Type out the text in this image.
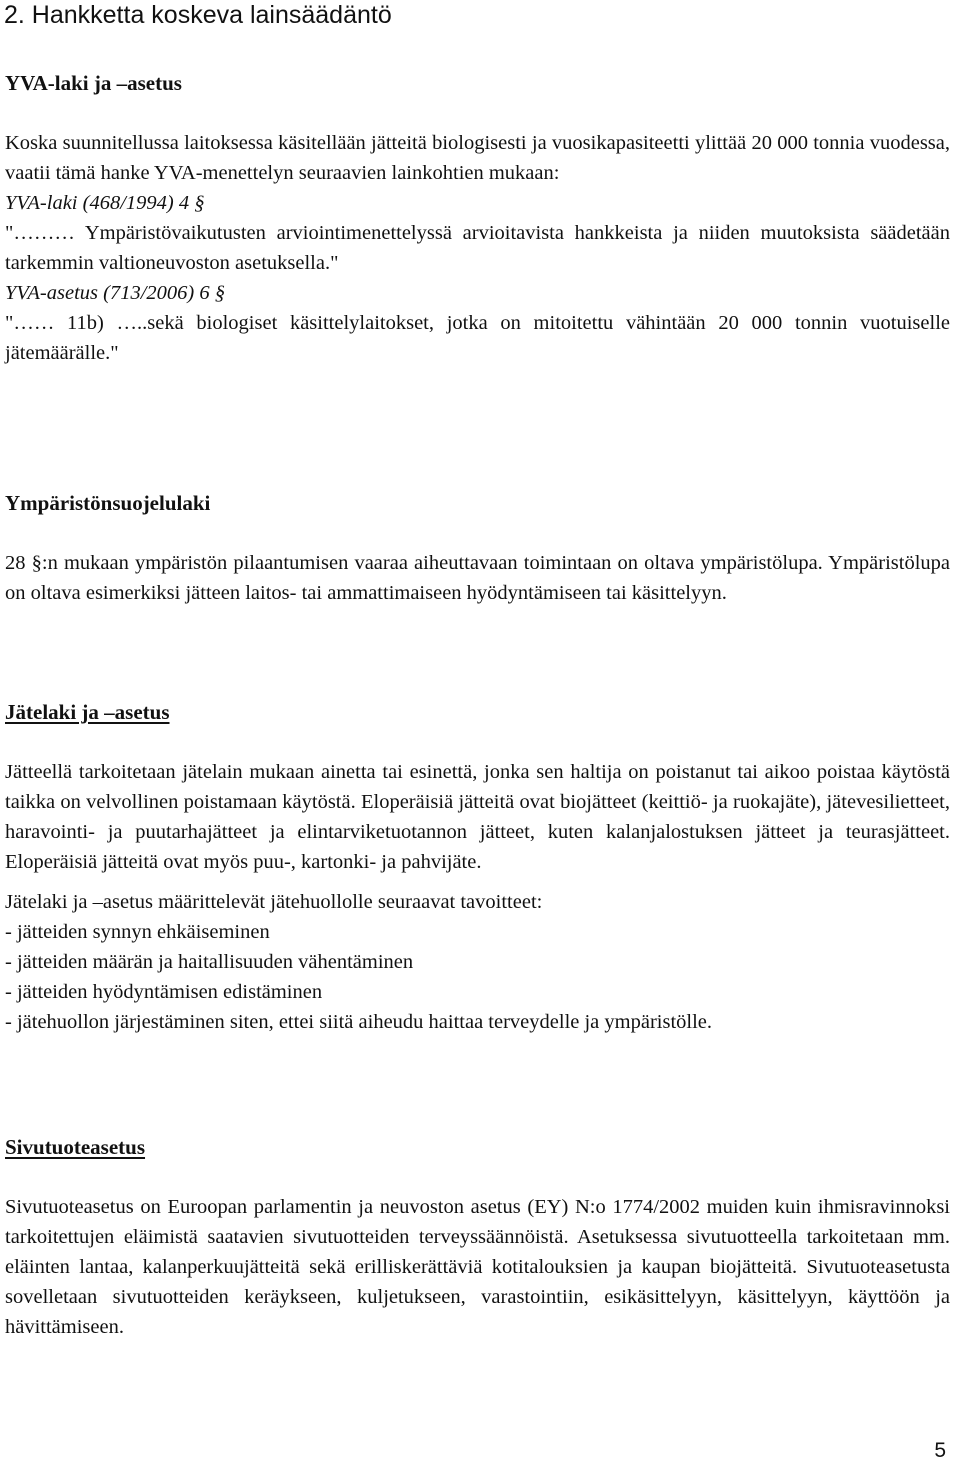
2. Hankketta koskeva lainsäädäntö
YVA-laki ja –asetus

Koska suunnitellussa laitoksessa käsitellään jätteitä biologisesti ja vuosikapasiteetti ylittää 20 000 tonnia vuodessa, vaatii tämä hanke YVA-menettelyn seuraavien lainkohtien mukaan:

YVA-laki (468/1994) 4 §

"……… Ympäristövaikutusten arviointimenettelyssä arvioitavista hankkeista ja niiden muutoksista säädetään tarkemmin valtioneuvoston asetuksella."

YVA-asetus (713/2006) 6 §

"…… 11b) …..sekä biologiset käsittelylaitokset, jotka on mitoitettu vähintään 20 000 tonnin vuotuiselle jätemäärälle."

Ympäristönsuojelulaki

28 §:n mukaan ympäristön pilaantumisen vaaraa aiheuttavaan toimintaan on oltava ympäristölupa. Ympäristölupa on oltava esimerkiksi jätteen laitos- tai ammattimaiseen hyödyntämiseen tai käsittelyyn.

Jätelaki ja –asetus

Jätteellä tarkoitetaan jätelain mukaan ainetta tai esinettä, jonka sen haltija on poistanut tai aikoo poistaa käytöstä taikka on velvollinen poistamaan käytöstä. Eloperäisiä jätteitä ovat biojätteet (keittiö- ja ruokajäte), jätevesilietteet, haravointi- ja puutarhajätteet ja elintarviketuotannon jätteet, kuten kalanjalostuksen jätteet ja teurasjätteet. Eloperäisiä jätteitä ovat myös puu-, kartonki- ja pahvijäte.

Jätelaki ja –asetus määrittelevät jätehuollolle seuraavat tavoitteet:
- jätteiden synnyn ehkäiseminen
- jätteiden määrän ja haitallisuuden vähentäminen
- jätteiden hyödyntämisen edistäminen
- jätehuollon järjestäminen siten, ettei siitä aiheudu haittaa terveydelle ja ympäristölle.
Sivutuoteasetus

Sivutuoteasetus on Euroopan parlamentin ja neuvoston asetus (EY) N:o 1774/2002 muiden kuin ihmisravinnoksi tarkoitettujen eläimistä saatavien sivutuotteiden terveyssäännöistä. Asetuksessa sivutuotteella tarkoitetaan mm. eläinten lantaa, kalanperkuujätteitä sekä erilliskerättäviä kotitalouksien ja kaupan biojätteitä. Sivutuoteasetusta sovelletaan sivutuotteiden keräykseen, kuljetukseen, varastointiin, esikäsittelyyn, käsittelyyn, käyttöön ja hävittämiseen.

5
